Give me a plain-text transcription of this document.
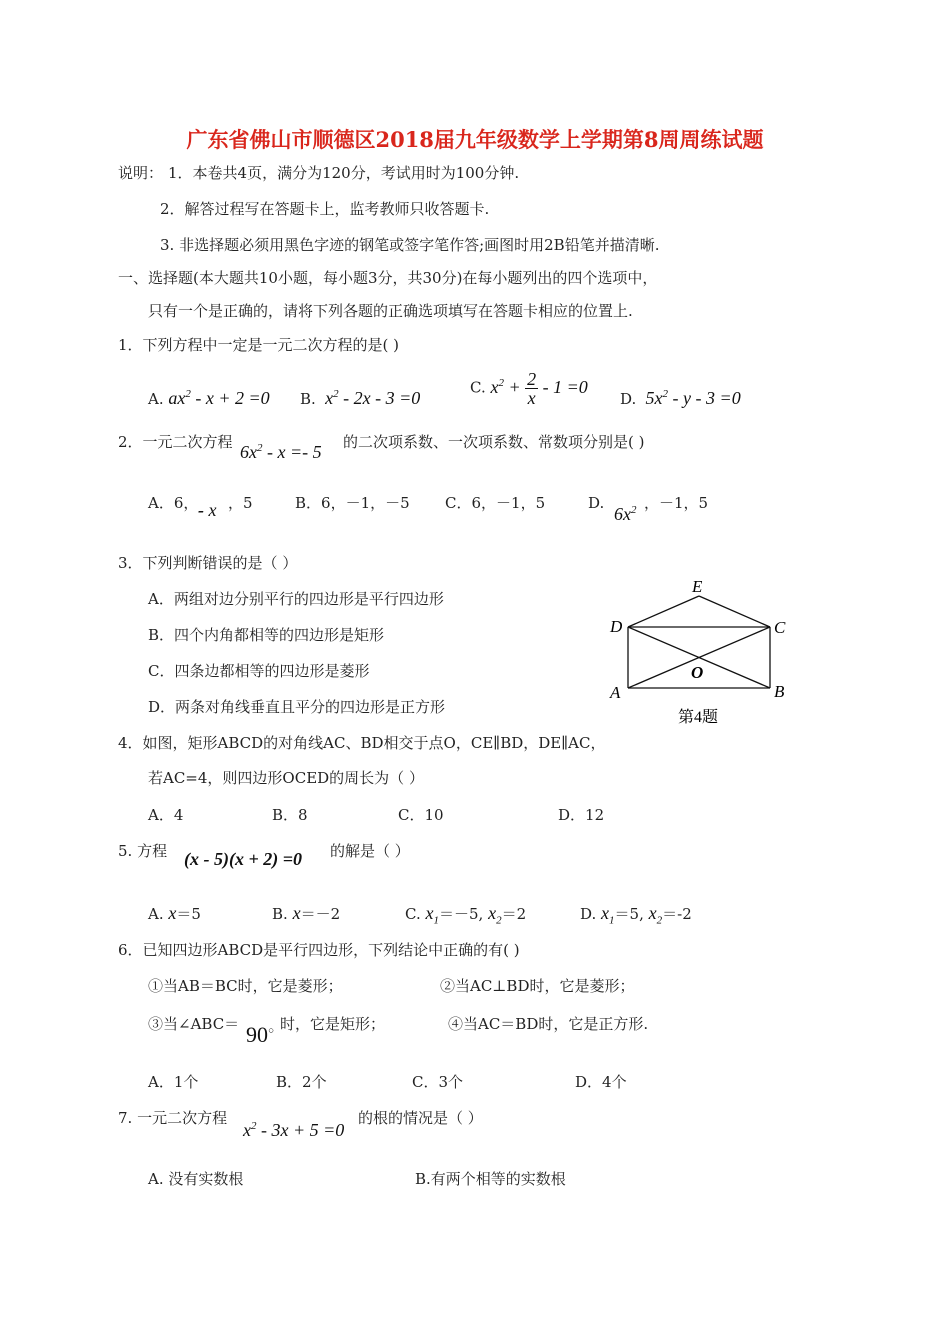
广东省佛山市顺德区2018届九年级数学上学期第8周周练试题
说明： 1．本卷共4页，满分为120分，考试用时为100分钟.
2．解答过程写在答题卡上，监考教师只收答题卡.
3. 非选择题必须用黑色字迹的钢笔或签字笔作答;画图时用2B铅笔并描清晰.
一、选择题(本大题共10小题，每小题3分，共30分)在每小题列出的四个选项中，
只有一个是正确的，请将下列各题的正确选项填写在答题卡相应的位置上.
1．下列方程中一定是一元二次方程的是( )
A. $ax^2 - x + 2 =0$ B.  $x^2 - 2x - 3 =0$
C. $x^2 + \frac{2}{x} - 1 =0$
D. $5x^2 - y - 3 =0$
2．一元二次方程 $6x^2 - x =- 5$ 的二次项系数、一次项系数、常数项分别是( )
A．6， - x ，5	B．6，－1，－5 C．6，－1，5	D.
$6x^2$ ，－1，5
3．下列判断错误的是（ ）
A．两组对边分别平行的四边形是平行四边形
B．四个内角都相等的四边形是矩形
C．四条边都相等的四边形是菱形
D．两条对角线垂直且平分的四边形是正方形
E
D	C
O
A	B
第4题
4．如图，矩形ABCD的对角线AC、BD相交于点O，CE∥BD，DE∥AC，
若AC=4，则四边形OCED的周长为（ ）
A．4	B．8	C．10	D．12
5. 方程 (x - 5)(x + 2) =0 的解是（ ）
A. x＝5	B. x＝－2	C. $x_1=-5$, $x_2=2$	D. $x_1=5$, $x_2=-2$
6．已知四边形ABCD是平行四边形，下列结论中正确的有( )
①当AB＝BC时，它是菱形；	②当AC⊥BD时，它是菱形；
③当∠ABC＝ 90○ 时，它是矩形；	④当AC＝BD时，它是正方形.
A．1个	B．2个	C．3个	D．4个
7. 一元二次方程
$x^2 - 3x + 5 =0$
的根的情况是（ ）
A. 没有实数根	B.有两个相等的实数根
